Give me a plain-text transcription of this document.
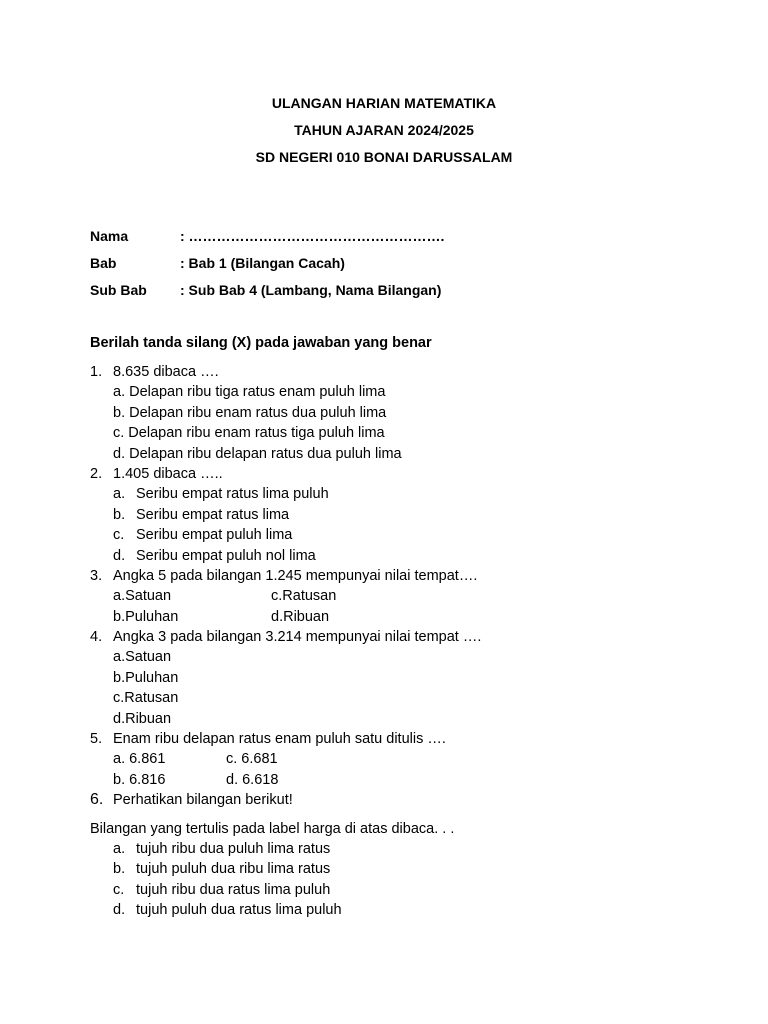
ULANGAN HARIAN MATEMATIKA
TAHUN AJARAN 2024/2025
SD NEGERI 010 BONAI DARUSSALAM
Nama	: ……………………………………………….
Bab	: Bab 1 (Bilangan Cacah)
Sub Bab	: Sub Bab 4 (Lambang, Nama Bilangan)
Berilah tanda silang (X) pada jawaban yang benar
1. 8.635 dibaca ….
a. Delapan ribu tiga ratus enam puluh lima
b. Delapan ribu enam ratus dua puluh lima
c. Delapan ribu enam ratus tiga puluh lima
d. Delapan ribu delapan ratus dua puluh lima
2. 1.405 dibaca …..
a. Seribu empat ratus lima puluh
b. Seribu empat ratus lima
c. Seribu empat puluh lima
d. Seribu empat puluh nol lima
3. Angka 5 pada bilangan 1.245 mempunyai nilai tempat….
a.Satuan	c.Ratusan
b.Puluhan	d.Ribuan
4. Angka 3 pada bilangan 3.214 mempunyai nilai tempat ….
a.Satuan
b.Puluhan
c.Ratusan
d.Ribuan
5. Enam ribu delapan ratus enam puluh satu ditulis ….
a. 6.861	c. 6.681
b. 6.816	d. 6.618
6. Perhatikan bilangan berikut!
Bilangan yang tertulis pada label harga di atas dibaca. . .
a. tujuh ribu dua puluh lima ratus
b. tujuh puluh dua ribu lima ratus
c. tujuh ribu dua ratus lima puluh
d. tujuh puluh dua ratus lima puluh
